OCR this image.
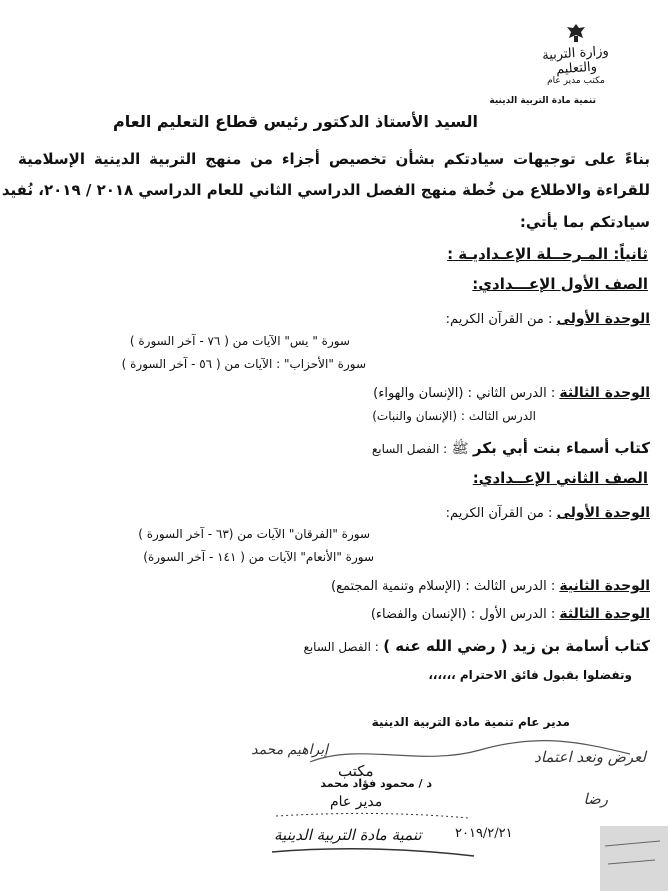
وزارة التربية والتعليم
مكتب مدير عام
تنمية مادة التربية الدينية
السيد الأستاذ الدكتور رئيس قطاع التعليم العام
بناءً على توجيهات سيادتكم بشأن تخصيص أجزاء من منهج التربية الدينية الإسلامية
للقراءة والاطلاع من خُطة منهج الفصل الدراسي الثاني للعام الدراسي ٢٠١٨ / ٢٠١٩، نُفيد
سيادتكم بما يأتي:
ثانياً: المـرحــلة الإعـداديـة :
الصف الأول الإعـــدادي:
الوحدة الأولى : من القرآن الكريم:
سورة " يس" الآيات من ( ٧٦ - آخر السورة )
سورة "الأحزاب" : الآيات من ( ٥٦ - آخر السورة )
الوحدة الثالثة : الدرس الثاني : (الإنسان والهواء)
الدرس الثالث : (الإنسان والنبات)
كتاب أسماء بنت أبي بكر ﷺ : الفصل السابع
الصف الثاني الإعــدادي:
الوحدة الأولى : من القرآن الكريم:
سورة "الفرقان" الآيات من (٦٣ - آخر السورة )
سورة "الأنعام" الآيات من ( ١٤١ - آخر السورة)
الوحدة الثانية : الدرس الثالث : (الإسلام وتنمية المجتمع)
الوحدة الثالثة : الدرس الأول : (الإنسان والفضاء)
كتاب أسامة بن زيد ( رضي الله عنه ) : الفصل السابع
وتفضلوا بقبول فائق الاحترام ،،،،،،
مدير عام تنمية مادة التربية الدينية
إبراهيم محمد
د / محمود فؤاد محمد
لعرض ونعد اعتماد
رضا
مكتب
مدير عام
تنمية مادة التربية الدينية	٢٠١٩/٢/٢١
